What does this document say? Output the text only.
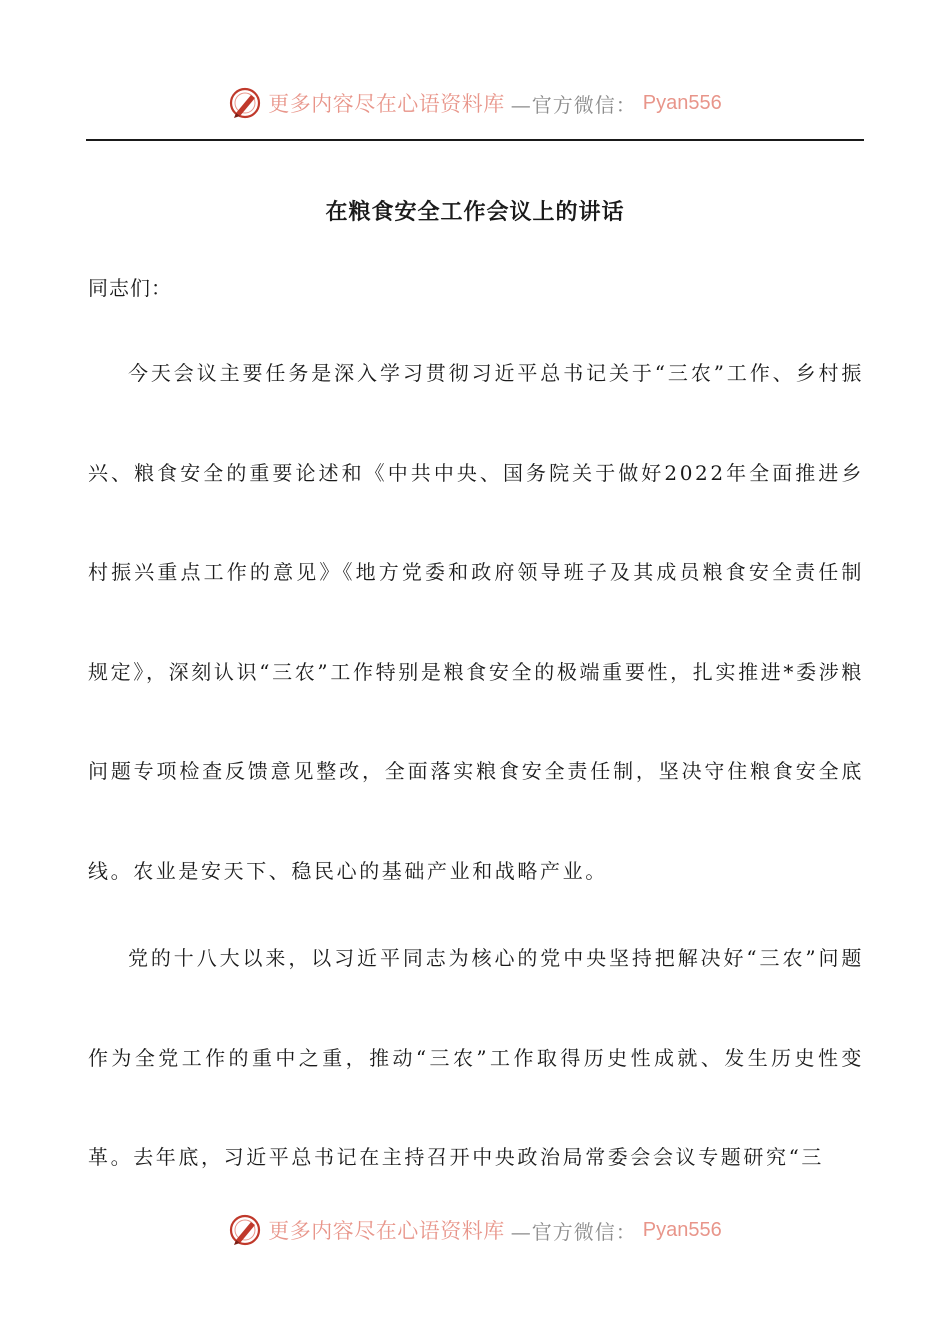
更多内容尽在心语资料库 —官方微信： Pyan556
在粮食安全工作会议上的讲话
同志们：

今天会议主要任务是深入学习贯彻习近平总书记关于“三农”工作、乡村振兴、粮食安全的重要论述和《中共中央、国务院关于做好2022年全面推进乡村振兴重点工作的意见》《地方党委和政府领导班子及其成员粮食安全责任制规定》，深刻认识“三农”工作特别是粮食安全的极端重要性，扎实推进*委涉粮问题专项检查反馈意见整改，全面落实粮食安全责任制，坚决守住粮食安全底线。农业是安天下、稳民心的基础产业和战略产业。

党的十八大以来，以习近平同志为核心的党中央坚持把解决好“三农”问题作为全党工作的重中之重，推动“三农”工作取得历史性成就、发生历史性变革。去年底，习近平总书记在主持召开中央政治局常委会会议专题研究“三

更多内容尽在心语资料库 —官方微信： Pyan556
